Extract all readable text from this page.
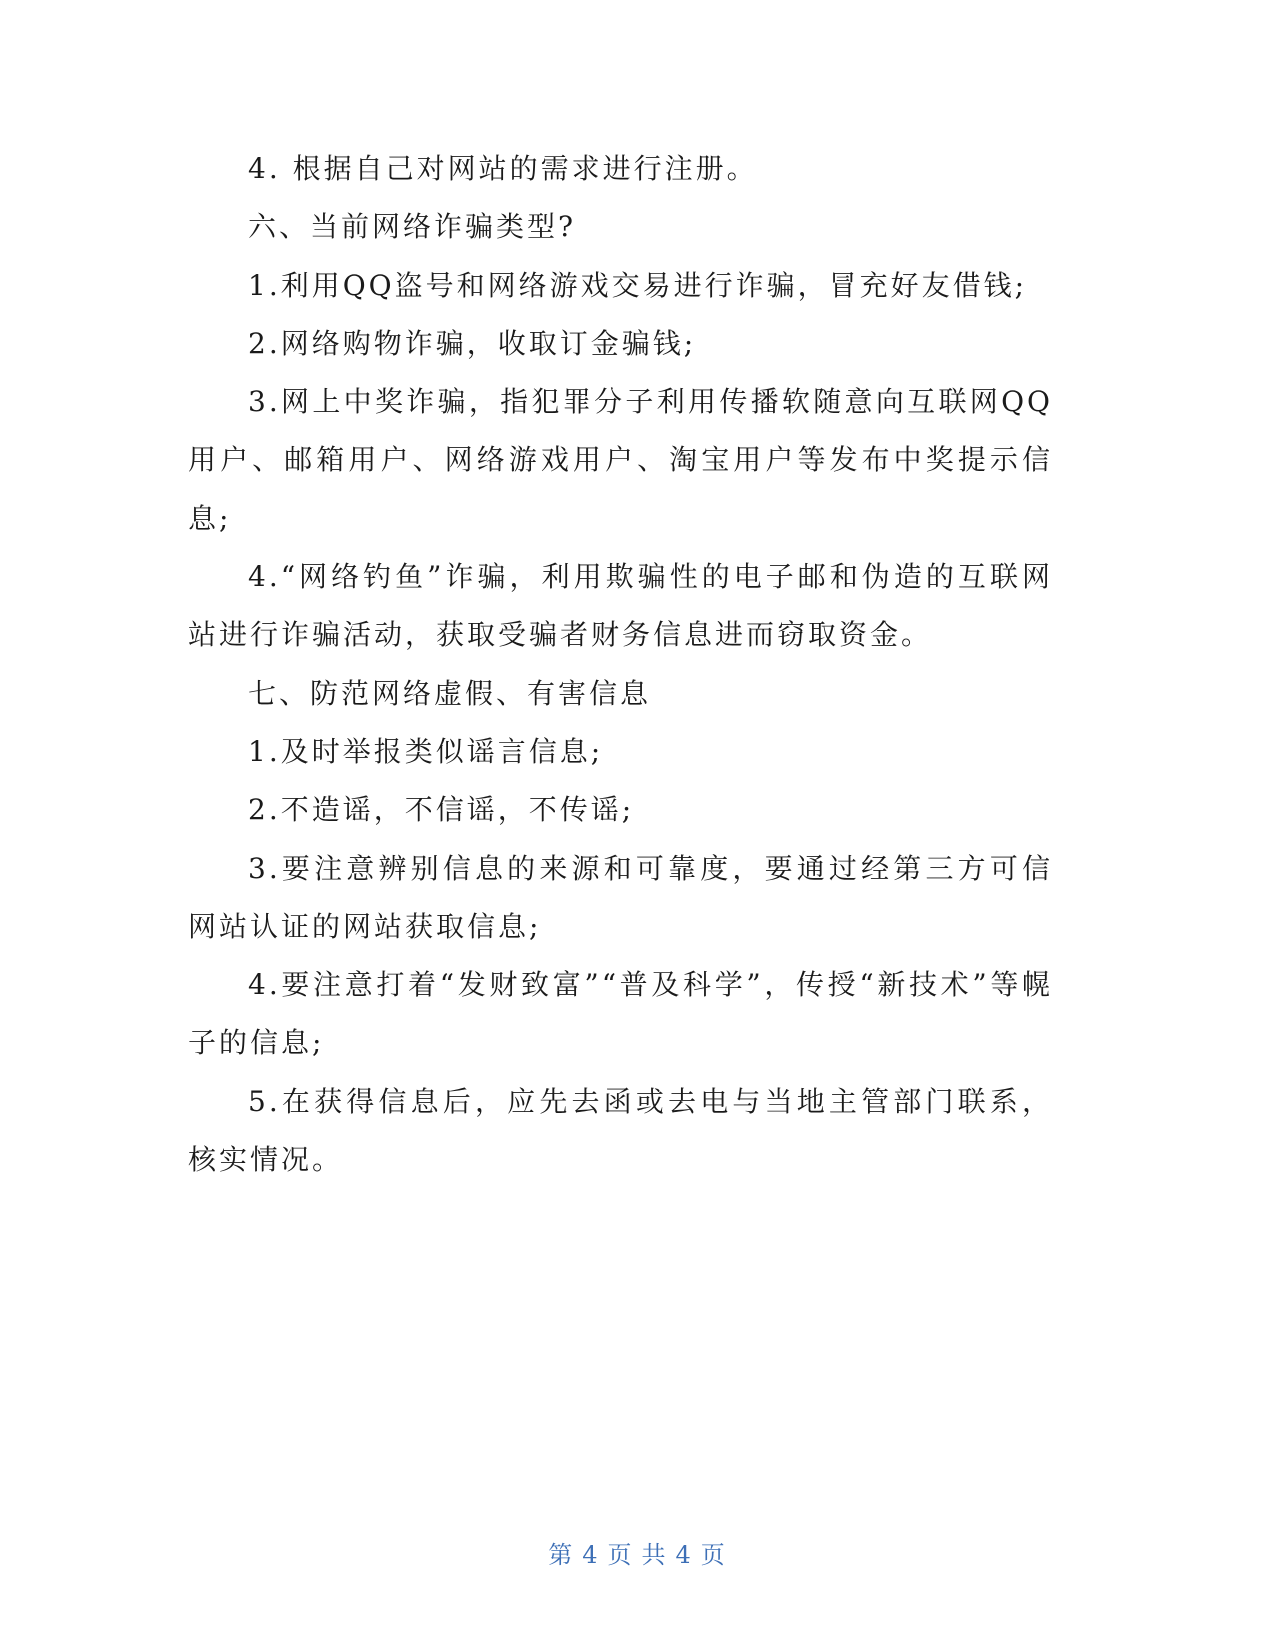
4. 根据自己对网站的需求进行注册。

六、当前网络诈骗类型?

1.利用QQ盗号和网络游戏交易进行诈骗，冒充好友借钱;

2.网络购物诈骗，收取订金骗钱;

3.网上中奖诈骗，指犯罪分子利用传播软随意向互联网QQ用户、邮箱用户、网络游戏用户、淘宝用户等发布中奖提示信息;

4.“网络钓鱼”诈骗，利用欺骗性的电子邮和伪造的互联网站进行诈骗活动，获取受骗者财务信息进而窃取资金。

七、防范网络虚假、有害信息

1.及时举报类似谣言信息;

2.不造谣，不信谣，不传谣;

3.要注意辨别信息的来源和可靠度，要通过经第三方可信网站认证的网站获取信息;

4.要注意打着“发财致富”“普及科学”，传授“新技术”等幌子的信息;

5.在获得信息后，应先去函或去电与当地主管部门联系，核实情况。

第 4 页 共 4 页
